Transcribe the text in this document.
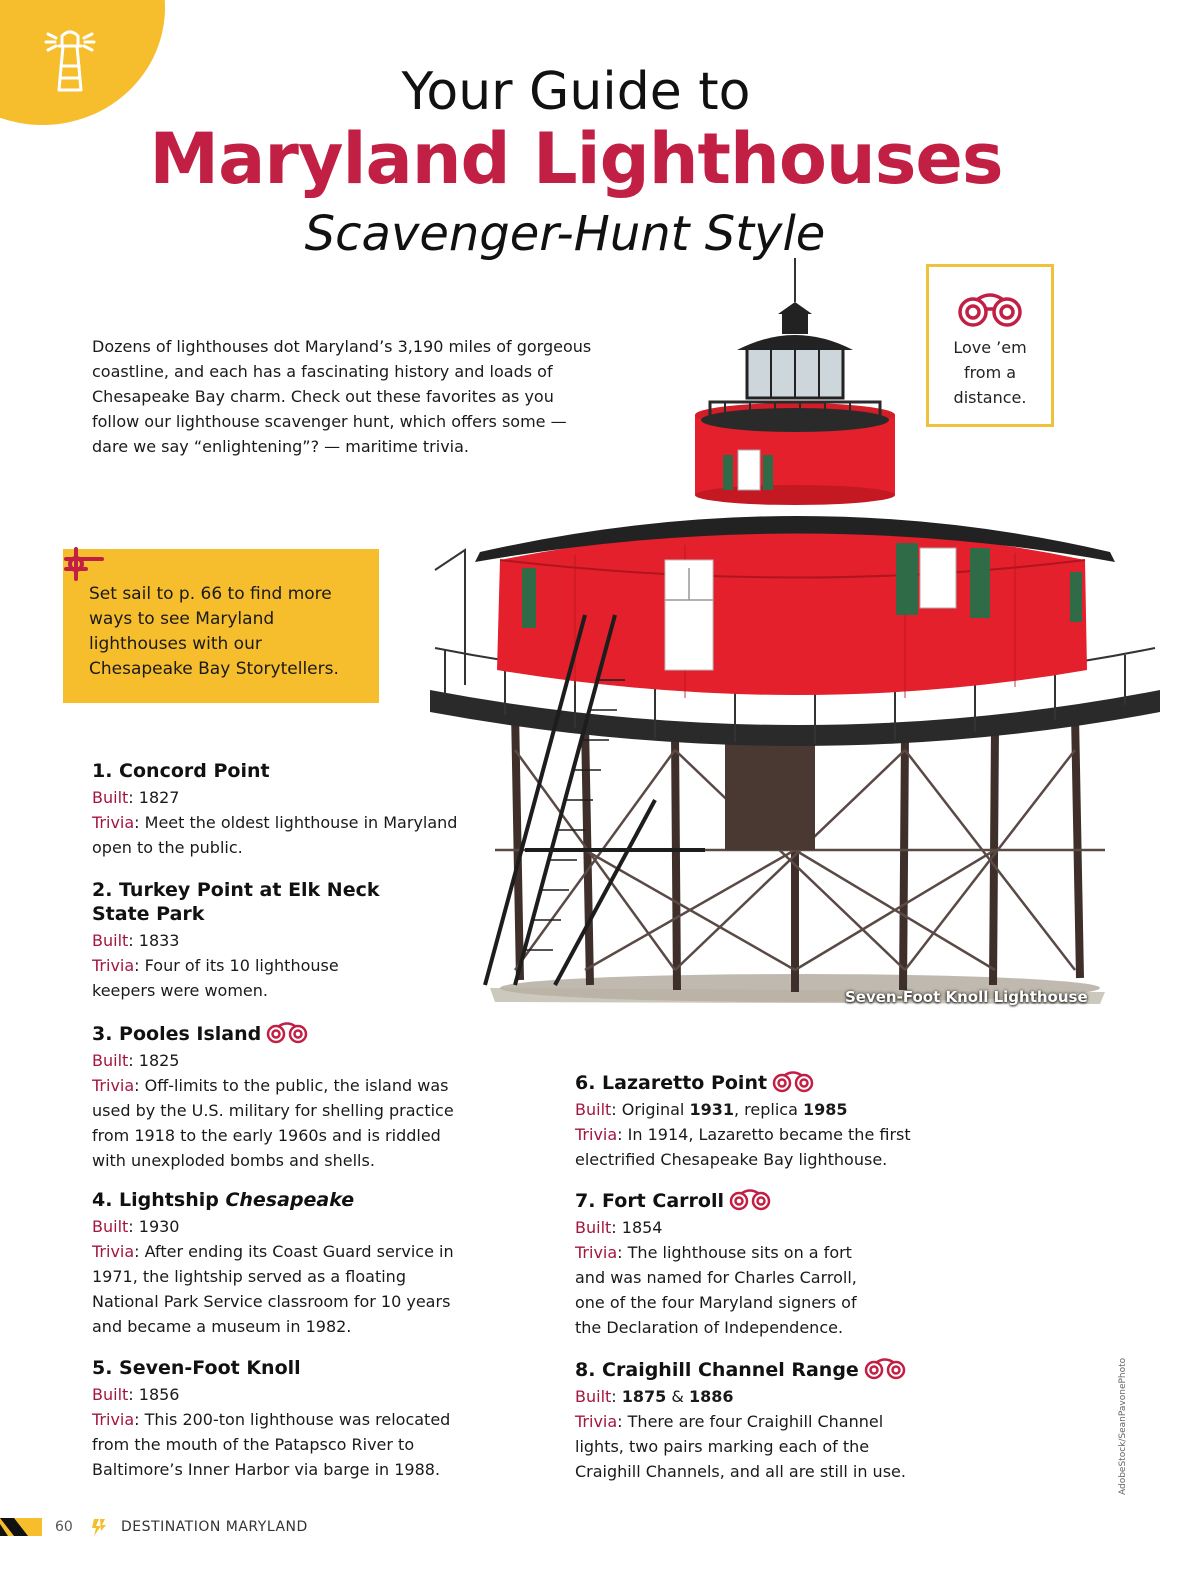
Your Guide to
Maryland Lighthouses
Scavenger-Hunt Style

Dozens of lighthouses dot Maryland’s 3,190 miles of gorgeous coastline, and each has a fascinating history and loads of Chesapeake Bay charm. Check out these favorites as you follow our lighthouse scavenger hunt, which offers some — dare we say “enlightening”? — maritime trivia.

Seven-Foot Knoll Lighthouse
Love ’em from a distance.
Set sail to p. 66 to find more ways to see Maryland lighthouses with our Chesapeake Bay Storytellers.
1. Concord Point

Built: 1827

Trivia: Meet the oldest lighthouse in Maryland open to the public.

2. Turkey Point at Elk Neck State Park

Built: 1833

Trivia: Four of its 10 lighthouse keepers were women.

3. Pooles Island

Built: 1825

Trivia: Off-limits to the public, the island was used by the U.S. military for shelling practice from 1918 to the early 1960s and is riddled with unexploded bombs and shells.

4. Lightship Chesapeake

Built: 1930

Trivia: After ending its Coast Guard service in 1971, the lightship served as a floating National Park Service classroom for 10 years and became a museum in 1982.

5. Seven-Foot Knoll

Built: 1856

Trivia: This 200-ton lighthouse was relocated from the mouth of the Patapsco River to Baltimore’s Inner Harbor via barge in 1988.

6. Lazaretto Point

Built: Original 1931, replica 1985

Trivia: In 1914, Lazaretto became the first electrified Chesapeake Bay lighthouse.

7. Fort Carroll

Built: 1854

Trivia: The lighthouse sits on a fort and was named for Charles Carroll, one of the four Maryland signers of the Declaration of Independence.

8. Craighill Channel Range

Built: 1875 & 1886

Trivia: There are four Craighill Channel lights, two pairs marking each of the Craighill Channels, and all are still in use.	AdobeStock/SeanPavonePhoto
60	DESTINATION MARYLAND
